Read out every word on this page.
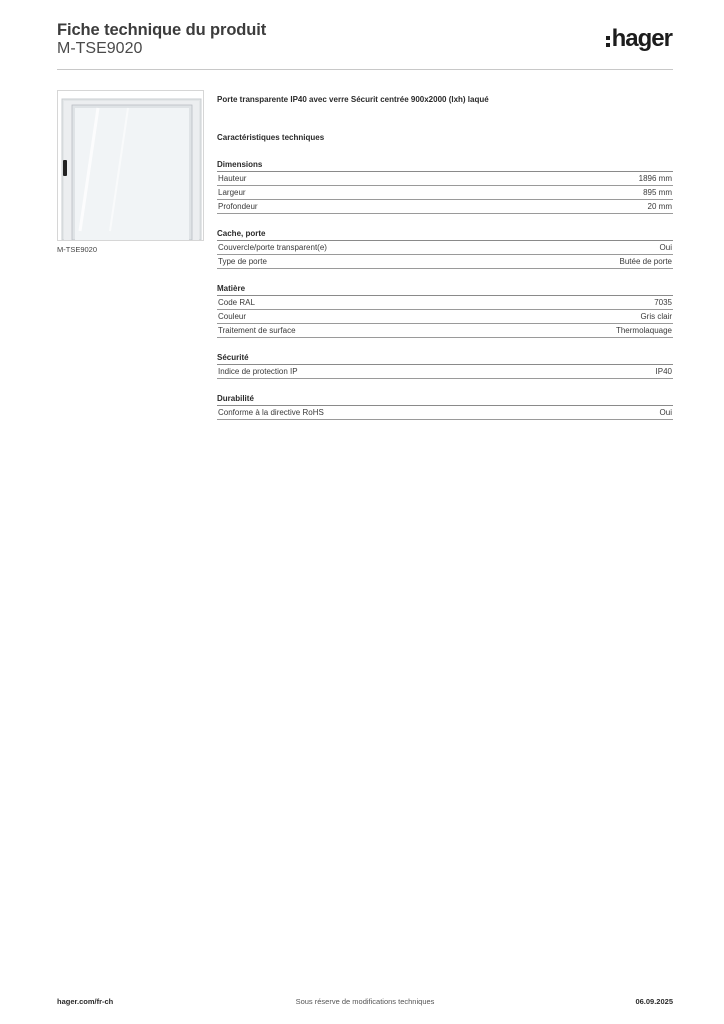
Fiche technique du produit
M-TSE9020	hager
M-TSE9020
Porte transparente IP40 avec verre Sécurit centrée 900x2000 (lxh) laqué
Caractéristiques techniques
Dimensions
Hauteur	1896 mm
Largeur	895 mm
Profondeur	20 mm
Cache, porte
Couvercle/porte transparent(e)	Oui
Type de porte	Butée de porte
Matière
Code RAL	7035
Couleur	Gris clair
Traitement de surface	Thermolaquage
Sécurité
Indice de protection IP	IP40
Durabilité
Conforme à la directive RoHS	Oui
hager.com/fr-ch	Sous réserve de modifications techniques	06.09.2025
